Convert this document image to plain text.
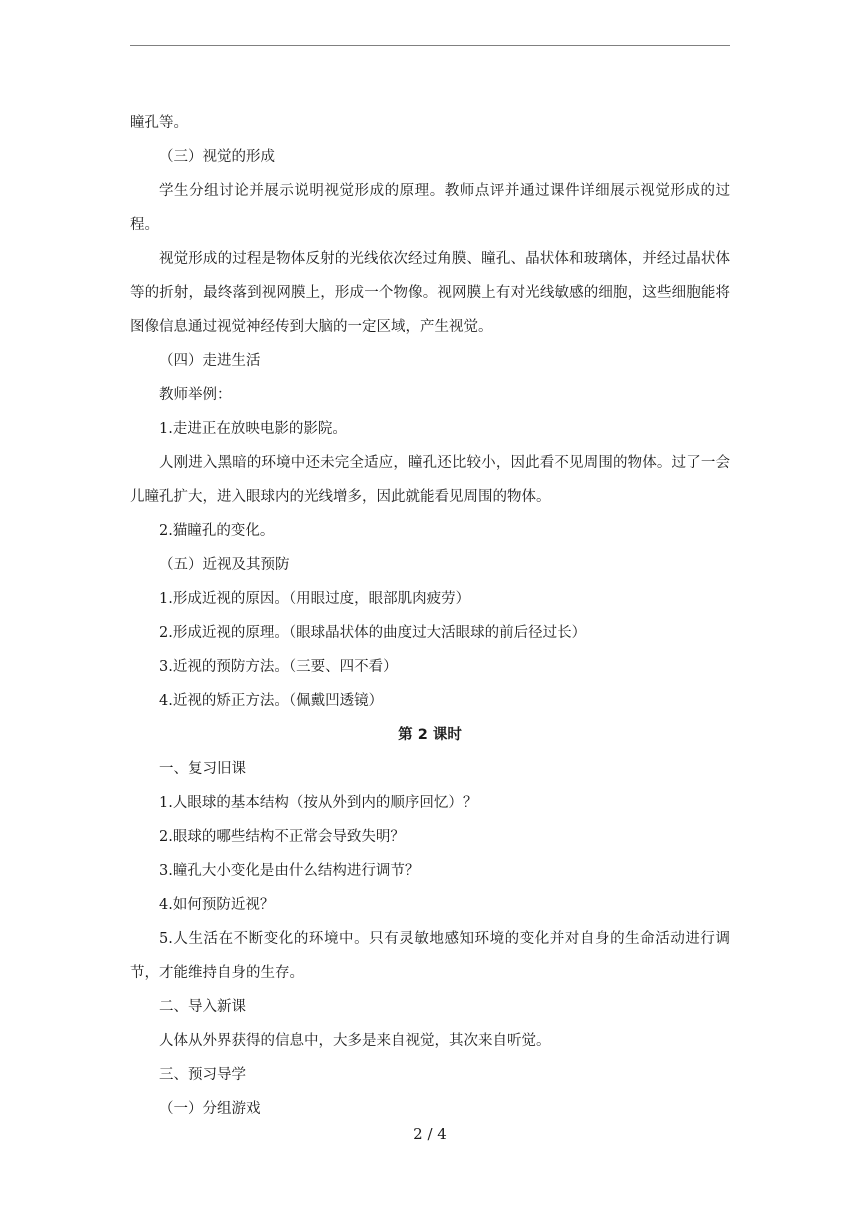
瞳孔等。

（三）视觉的形成

学生分组讨论并展示说明视觉形成的原理。教师点评并通过课件详细展示视觉形成的过程。

视觉形成的过程是物体反射的光线依次经过角膜、瞳孔、晶状体和玻璃体，并经过晶状体等的折射，最终落到视网膜上，形成一个物像。视网膜上有对光线敏感的细胞，这些细胞能将图像信息通过视觉神经传到大脑的一定区域，产生视觉。

（四）走进生活

教师举例：

1.走进正在放映电影的影院。

人刚进入黑暗的环境中还未完全适应，瞳孔还比较小，因此看不见周围的物体。过了一会儿瞳孔扩大，进入眼球内的光线增多，因此就能看见周围的物体。

2.猫瞳孔的变化。

（五）近视及其预防

1.形成近视的原因。（用眼过度，眼部肌肉疲劳）

2.形成近视的原理。（眼球晶状体的曲度过大活眼球的前后径过长）

3.近视的预防方法。（三要、四不看）

4.近视的矫正方法。（佩戴凹透镜）

第 2 课时

一、复习旧课

1.人眼球的基本结构（按从外到内的顺序回忆）？

2.眼球的哪些结构不正常会导致失明？

3.瞳孔大小变化是由什么结构进行调节？

4.如何预防近视？

5.人生活在不断变化的环境中。只有灵敏地感知环境的变化并对自身的生命活动进行调节，才能维持自身的生存。

二、导入新课

人体从外界获得的信息中，大多是来自视觉，其次来自听觉。

三、预习导学

（一）分组游戏

2 / 4
